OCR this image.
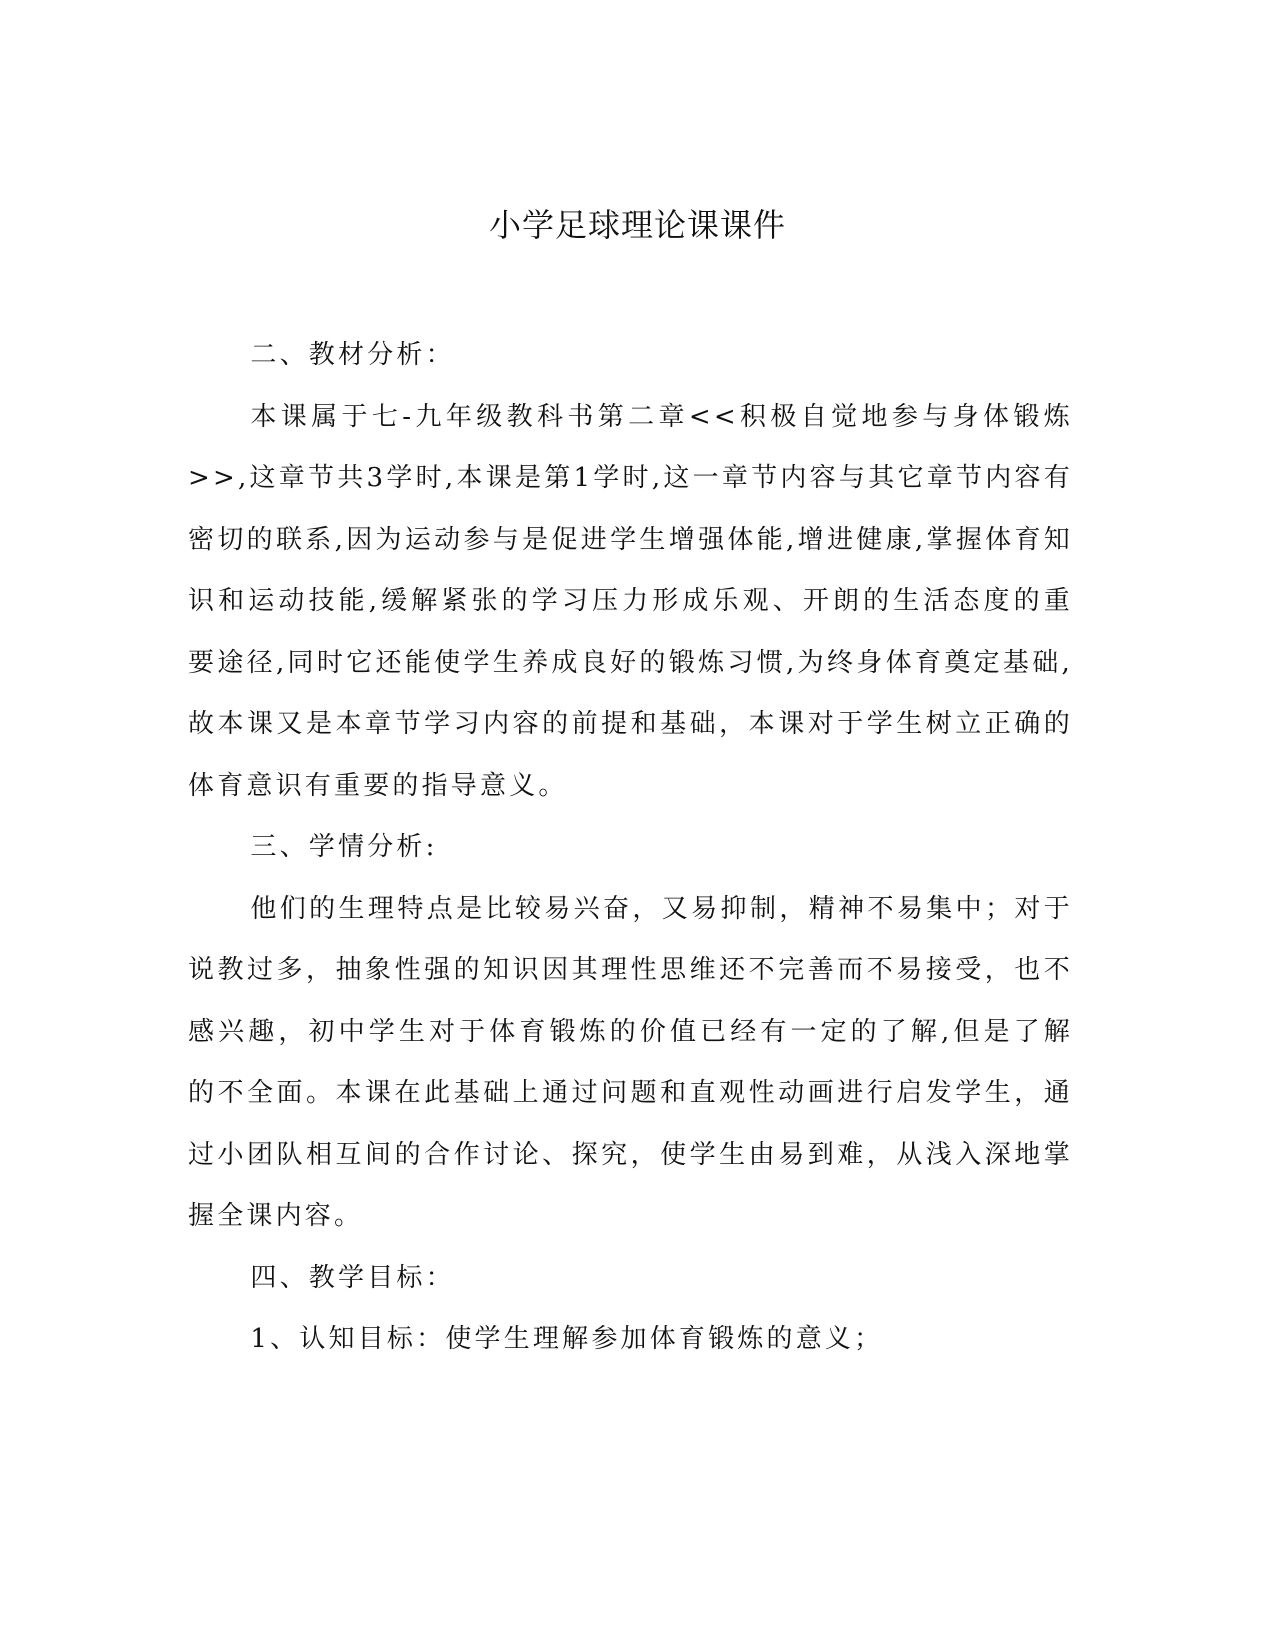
小学足球理论课课件

二、教材分析：

本课属于七-九年级教科书第二章<<积极自觉地参与身体锻炼>>,这章节共3学时,本课是第1学时,这一章节内容与其它章节内容有密切的联系,因为运动参与是促进学生增强体能,增进健康,掌握体育知识和运动技能,缓解紧张的学习压力形成乐观、开朗的生活态度的重要途径,同时它还能使学生养成良好的锻炼习惯,为终身体育奠定基础,故本课又是本章节学习内容的前提和基础，本课对于学生树立正确的体育意识有重要的指导意义。

三、学情分析:

他们的生理特点是比较易兴奋，又易抑制，精神不易集中；对于说教过多，抽象性强的知识因其理性思维还不完善而不易接受，也不感兴趣，初中学生对于体育锻炼的价值已经有一定的了解,但是了解的不全面。本课在此基础上通过问题和直观性动画进行启发学生，通过小团队相互间的合作讨论、探究，使学生由易到难，从浅入深地掌握全课内容。

四、教学目标：

1、认知目标：使学生理解参加体育锻炼的意义；
